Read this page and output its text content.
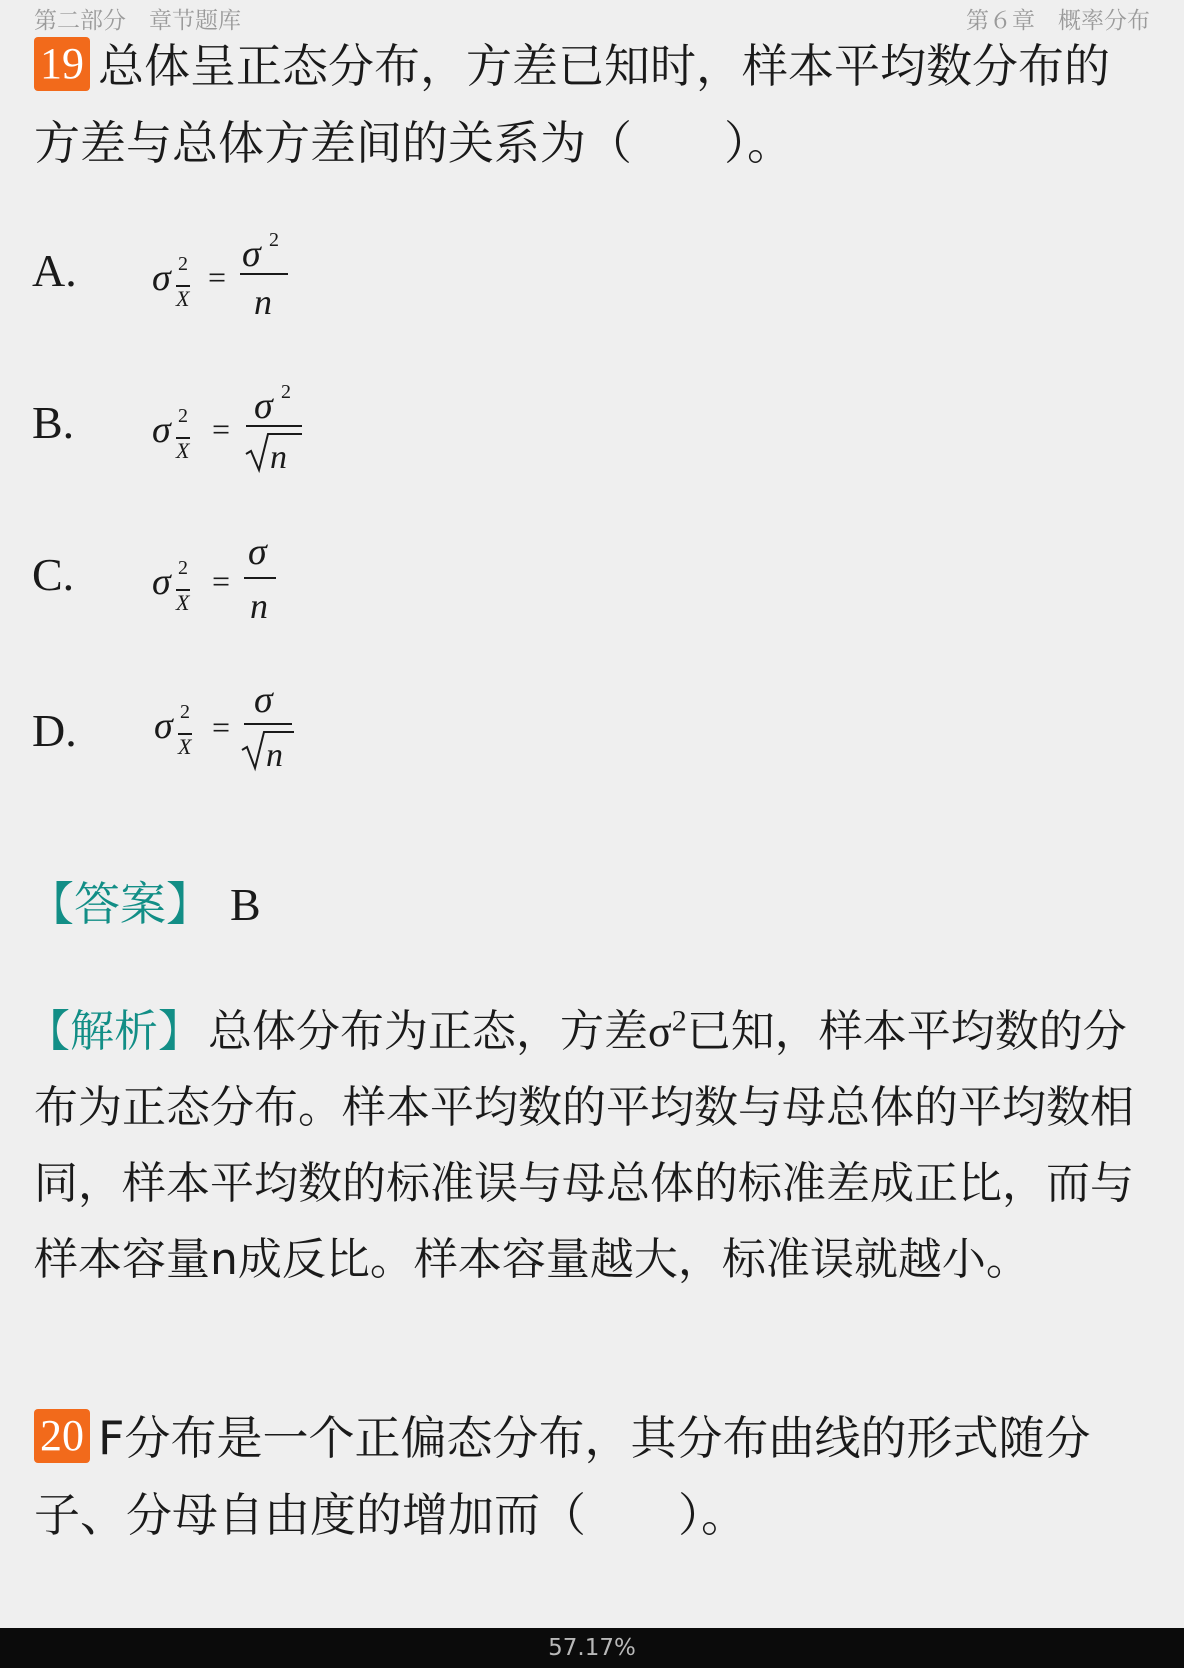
第二部分　章节题库	第６章　概率分布
19 总体呈正态分布，方差已知时，样本平均数分布的方差与总体方差间的关系为（　　）。
A. σ 2
X
=
σ 2
n
B. σ 2
X
=
σ 2
n
C. σ 2
X
=
σ
n
D. σ 2
X
=
σ
n
【答案】 B
【解析】 总体分布为正态，方差$\sigma^2$已知，样本平均数的分布为正态分布。样本平均数的平均数与母总体的平均数相同，样本平均数的标准误与母总体的标准差成正比，而与样本容量n成反比。样本容量越大，标准误就越小。
20 F分布是一个正偏态分布，其分布曲线的形式随分子、分母自由度的增加而（　　）。
57.17%
